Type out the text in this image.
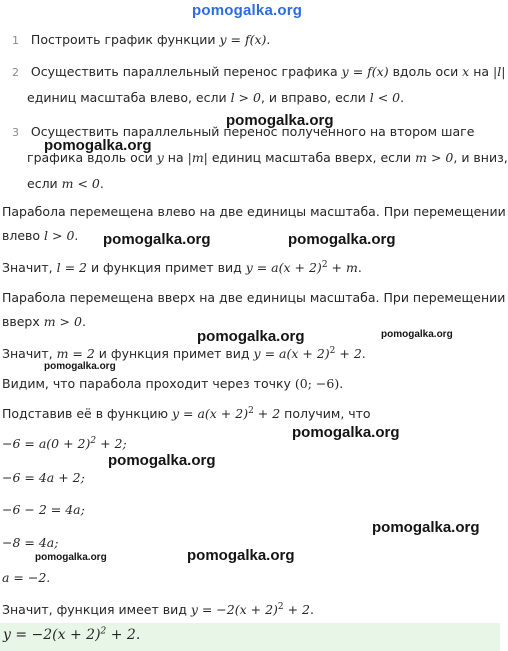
1 Построить график функции y = f(x).
2 Осуществить параллельный перенос графика y = f(x) вдоль оси x на |l|
единиц масштаба влево, если l > 0, и вправо, если l < 0.
3 Осуществить параллельный перенос полученного на втором шаге
графика вдоль оси y на |m| единиц масштаба вверх, если m > 0, и вниз,
если m < 0.
Парабола перемещена влево на две единицы масштаба. При перемещении
влево l > 0.
Значит, l = 2 и функция примет вид $y = a(x + 2)^2 + m$.
Парабола перемещена вверх на две единицы масштаба. При перемещении
вверх m > 0.
Значит, m = 2 и функция примет вид $y = a(x + 2)^2 + 2$.
Видим, что парабола проходит через точку (0; −6).
Подставив её в функцию $y = a(x + 2)^2 + 2$ получим, что
$-6 = a(0 + 2)^2 + 2$;
−6 = 4a + 2;
−6 − 2 = 4a;
−8 = 4a;
a = −2.
Значит, функция имеет вид $y = -2(x + 2)^2 + 2$.
$y = -2(x + 2)^2 + 2$.
pomogalka.org
pomogalka.org
pomogalka.org
pomogalka.org	pomogalka.org
pomogalka.org	pomogalka.org
pomogalka.org
pomogalka.org
pomogalka.org
pomogalka.org
pomogalka.org
pomogalka.org
